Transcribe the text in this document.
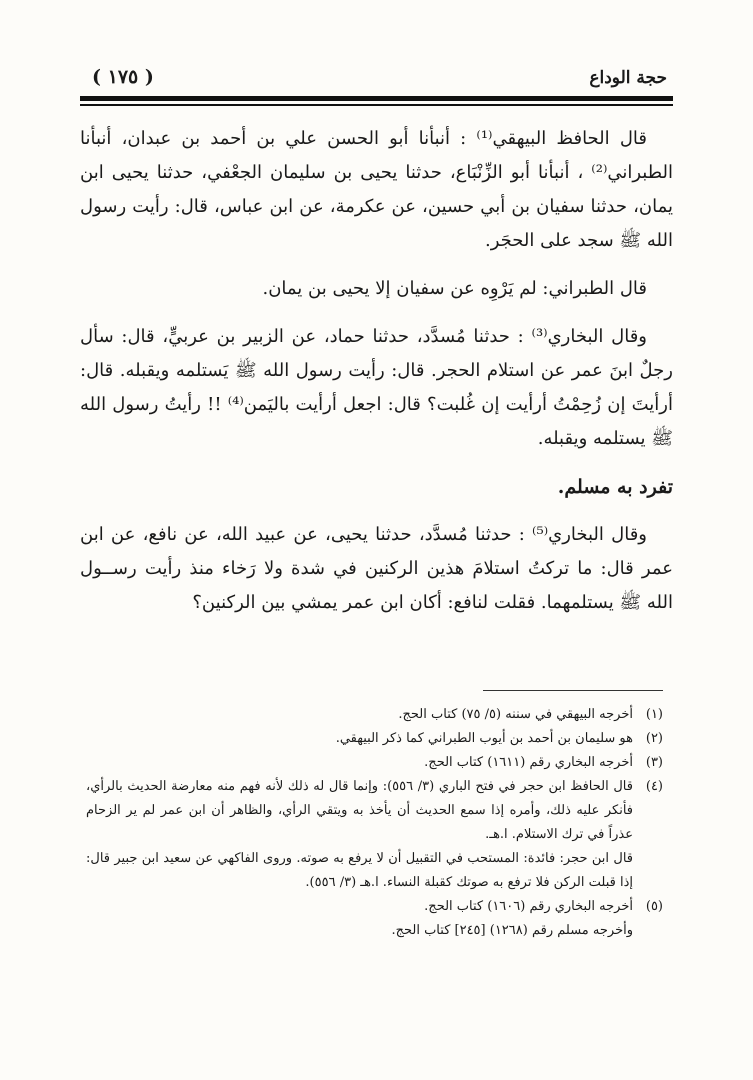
حجة الوداع
( ١٧٥ )

قال الحافظ البيهقي⁽¹⁾ : أنبأنا أبو الحسن علي بن أحمد بن عبدان، أنبأنا الطبراني⁽²⁾ ، أنبأنا أبو الزِّنْبَاع، حدثنا يحيى بن سليمان الجعْفي، حدثنا يحيى ابن يمان، حدثنا سفيان بن أبي حسين، عن عكرمة، عن ابن عباس، قال: رأيت رسول الله ﷺ سجد على الحجَر.

قال الطبراني: لم يَرْوِه عن سفيان إلا يحيى بن يمان.

وقال البخاري⁽³⁾ : حدثنا مُسدَّد، حدثنا حماد، عن الزبير بن عربيٍّ، قال: سأل رجلٌ ابنَ عمر عن استلام الحجر. قال: رأيت رسول الله ﷺ يَستلمه ويقبله. قال: أرأيتَ إن زُحِمْتُ أرأيت إن غُلبت؟ قال: اجعل أرأيت باليَمن⁽⁴⁾ !! رأيتُ رسول الله ﷺ يستلمه ويقبله.

تفرد به مسلم.

وقال البخاري⁽⁵⁾ : حدثنا مُسدَّد، حدثنا يحيى، عن عبيد الله، عن نافع، عن ابن عمر قال: ما تركتُ استلامَ هذين الركنين في شدة ولا رَخاء منذ رأيت رســول الله ﷺ يستلمهما. فقلت لنافع: أكان ابن عمر يمشي بين الركنين؟

(١)
أخرجه البيهقي في سننه (٥/ ٧٥) كتاب الحج.
(٢)
هو سليمان بن أحمد بن أيوب الطبراني كما ذكر البيهقي.
(٣)
أخرجه البخاري رقم (١٦١١) كتاب الحج.
(٤)
قال الحافظ ابن حجر في فتح الباري (٣/ ٥٥٦): وإنما قال له ذلك لأنه فهم منه معارضة الحديث بالرأي، فأنكر عليه ذلك، وأمره إذا سمع الحديث أن يأخذ به ويتقي الرأي، والظاهر أن ابن عمر لم ير الزحام عذراً في ترك الاستلام. ا.هـ.
قال ابن حجر: فائدة: المستحب في التقبيل أن لا يرفع به صوته. وروى الفاكهي عن سعيد ابن جبير قال: إذا قبلت الركن فلا ترفع به صوتك كقبلة النساء. ا.هـ (٣/ ٥٥٦).
(٥)
أخرجه البخاري رقم (١٦٠٦) كتاب الحج.
وأخرجه مسلم رقم (١٢٦٨) [٢٤٥] كتاب الحج.
